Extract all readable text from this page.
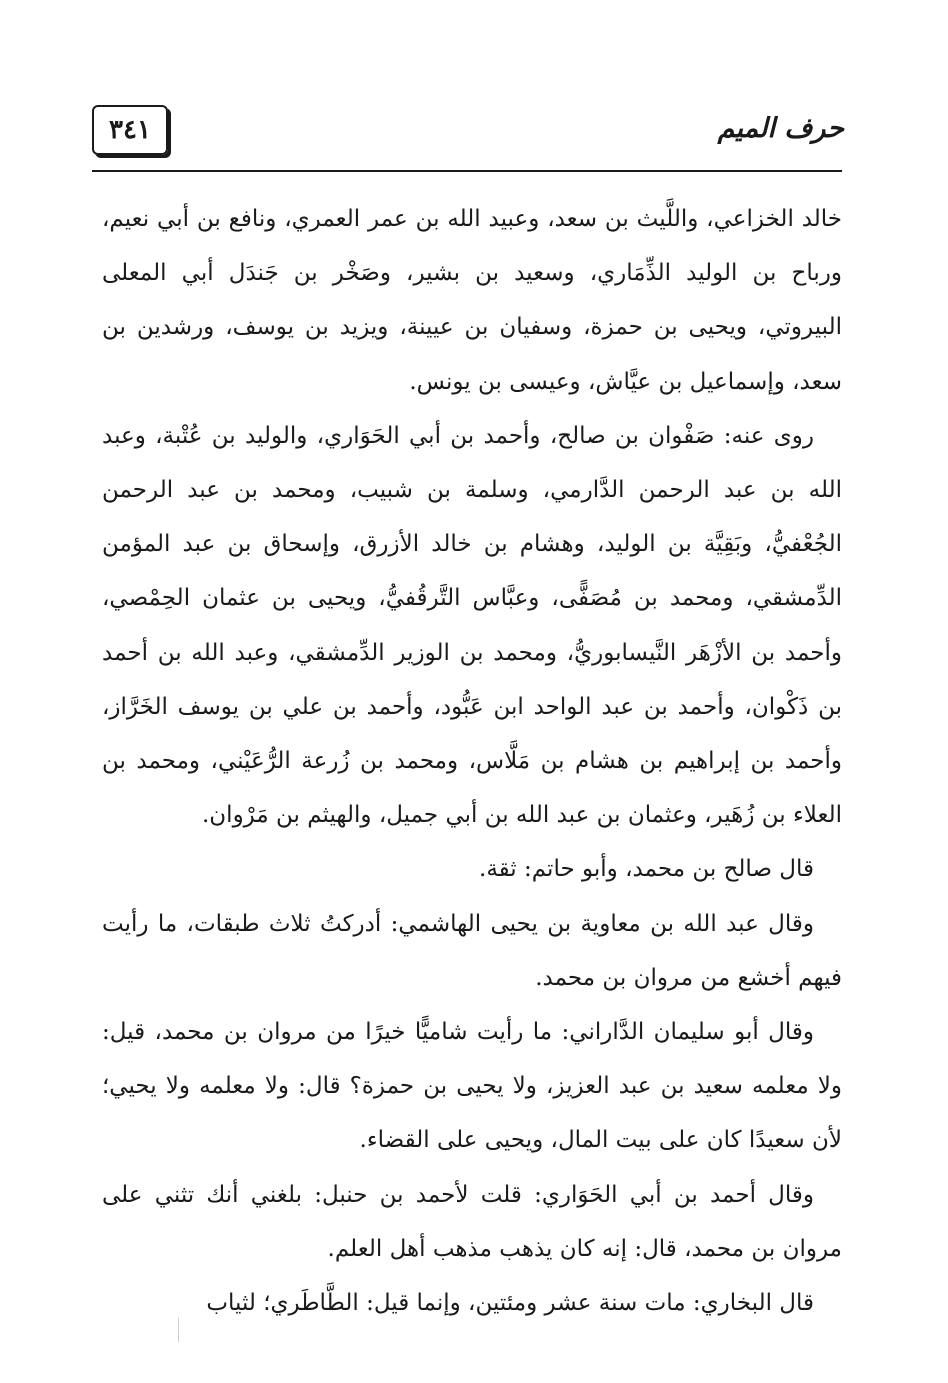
٣٤١	حرف الميم

خالد الخزاعي، واللَّيث بن سعد، وعبيد الله بن عمر العمري، ونافع بن أبي نعيم، ورباح بن الوليد الذِّمَاري، وسعيد بن بشير، وصَخْر بن جَندَل أبي المعلى البيروتي، ويحيى بن حمزة، وسفيان بن عيينة، ويزيد بن يوسف، ورشدين بن سعد، وإسماعيل بن عيَّاش، وعيسى بن يونس.

روى عنه: صَفْوان بن صالح، وأحمد بن أبي الحَوَاري، والوليد بن عُتْبة، وعبد الله بن عبد الرحمن الدَّارمي، وسلمة بن شبيب، ومحمد بن عبد الرحمن الجُعْفيُّ، وبَقِيَّة بن الوليد، وهشام بن خالد الأزرق، وإسحاق بن عبد المؤمن الدِّمشقي، ومحمد بن مُصَفًّى، وعبَّاس التَّرقُفيُّ، ويحيى بن عثمان الحِمْصي، وأحمد بن الأزْهَر النَّيسابوريُّ، ومحمد بن الوزير الدِّمشقي، وعبد الله بن أحمد بن ذَكْوان، وأحمد بن عبد الواحد ابن عَبُّود، وأحمد بن علي بن يوسف الخَرَّاز، وأحمد بن إبراهيم بن هشام بن مَلَّاس، ومحمد بن زُرعة الرُّعَيْني، ومحمد بن العلاء بن زُهَير، وعثمان بن عبد الله بن أبي جميل، والهيثم بن مَرْوان.

قال صالح بن محمد، وأبو حاتم: ثقة.

وقال عبد الله بن معاوية بن يحيى الهاشمي: أدركتُ ثلاث طبقات، ما رأيت فيهم أخشع من مروان بن محمد.

وقال أبو سليمان الدَّاراني: ما رأيت شاميًّا خيرًا من مروان بن محمد، قيل: ولا معلمه سعيد بن عبد العزيز، ولا يحيى بن حمزة؟ قال: ولا معلمه ولا يحيي؛ لأن سعيدًا كان على بيت المال، ويحيى على القضاء.

وقال أحمد بن أبي الحَوَاري: قلت لأحمد بن حنبل: بلغني أنك تثني على مروان بن محمد، قال: إنه كان يذهب مذهب أهل العلم.

قال البخاري: مات سنة عشر ومئتين، وإنما قيل: الطَّاطَري؛ لثياب
